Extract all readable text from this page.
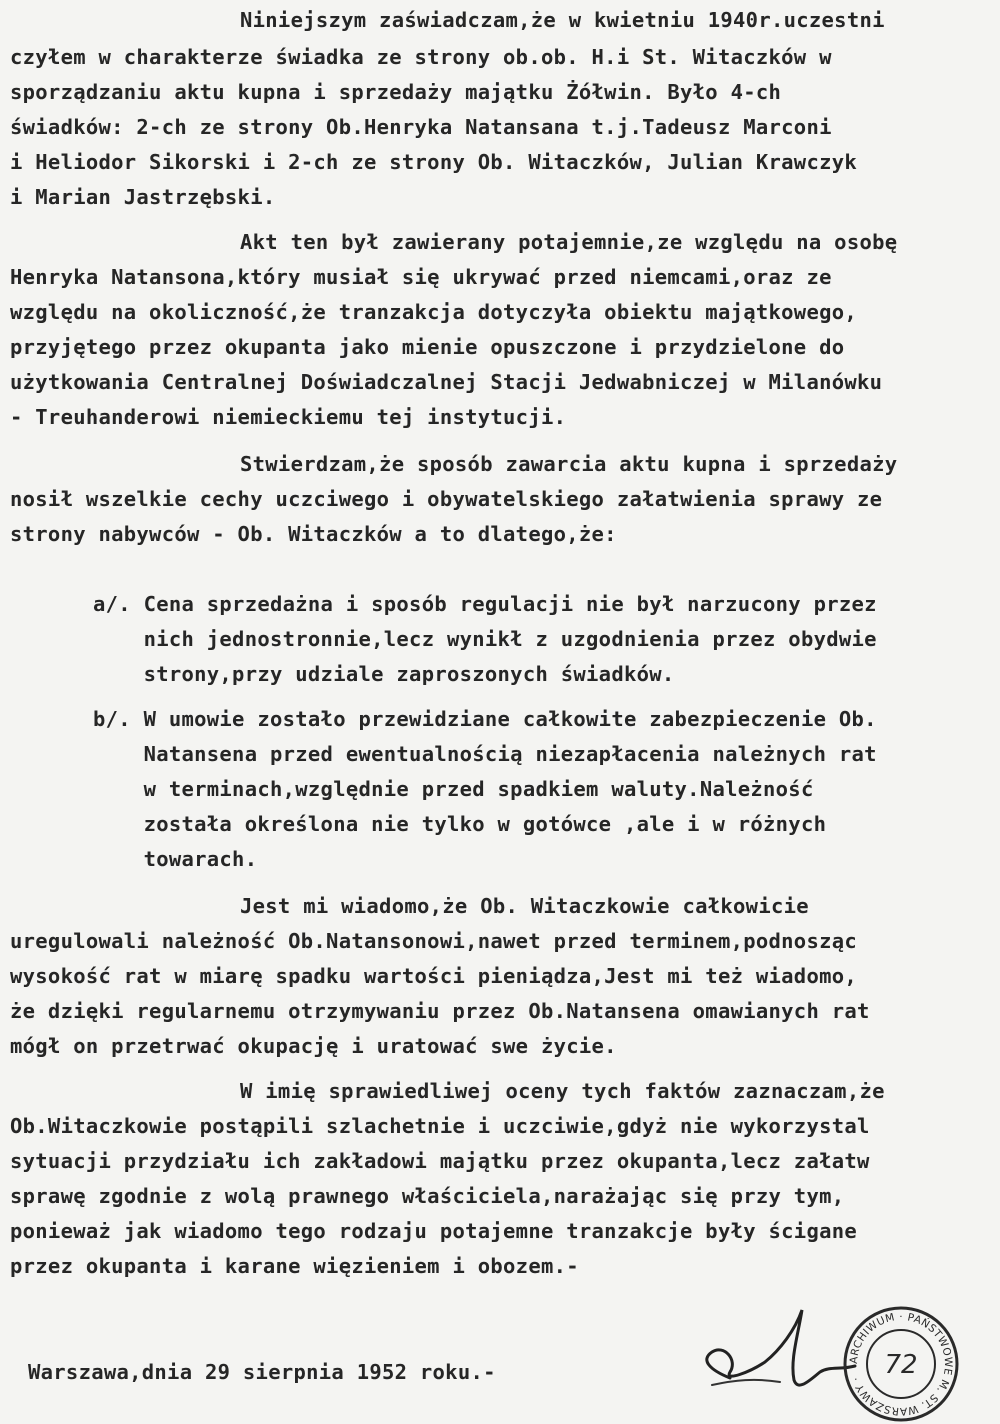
Niniejszym zaświadczam,że w kwietniu 1940r.uczestni
czyłem w charakterze świadka ze strony ob.ob. H.i St. Witaczków w
sporządzaniu aktu kupna i sprzedaży majątku Żółwin. Było 4-ch
świadków: 2-ch ze strony Ob.Henryka Natansana t.j.Tadeusz Marconi
i Heliodor Sikorski i 2-ch ze strony Ob. Witaczków, Julian Krawczyk
i Marian Jastrzębski.
Akt ten był zawierany potajemnie,ze względu na osobę
Henryka Natansona,który musiał się ukrywać przed niemcami,oraz ze
względu na okoliczność,że tranzakcja dotyczyła obiektu majątkowego,
przyjętego przez okupanta jako mienie opuszczone i przydzielone do
użytkowania Centralnej Doświadczalnej Stacji Jedwabniczej w Milanówku
- Treuhanderowi niemieckiemu tej instytucji.
Stwierdzam,że sposób zawarcia aktu kupna i sprzedaży
nosił wszelkie cechy uczciwego i obywatelskiego załatwienia sprawy ze
strony nabywców - Ob. Witaczków a to dlatego,że:
a/. Cena sprzedażna i sposób regulacji nie był narzucony przez
nich jednostronnie,lecz wynikł z uzgodnienia przez obydwie
strony,przy udziale zaproszonych świadków.
b/. W umowie zostało przewidziane całkowite zabezpieczenie Ob.
Natansena przed ewentualnością niezapłacenia należnych rat
w terminach,względnie przed spadkiem waluty.Należność
została określona nie tylko w gotówce ,ale i w różnych
towarach.
Jest mi wiadomo,że Ob. Witaczkowie całkowicie
uregulowali należność Ob.Natansonowi,nawet przed terminem,podnosząc
wysokość rat w miarę spadku wartości pieniądza,Jest mi też wiadomo,
że dzięki regularnemu otrzymywaniu przez Ob.Natansena omawianych rat
mógł on przetrwać okupację i uratować swe życie.
W imię sprawiedliwej oceny tych faktów zaznaczam,że
Ob.Witaczkowie postąpili szlachetnie i uczciwie,gdyż nie wykorzystal
sytuacji przydziału ich zakładowi majątku przez okupanta,lecz załatw
sprawę zgodnie z wolą prawnego właściciela,narażając się przy tym,
ponieważ jak wiadomo tego rodzaju potajemne tranzakcje były ścigane
przez okupanta i karane więzieniem i obozem.-
Warszawa,dnia 29 sierpnia 1952 roku.-
ARCHIWUM · PAŃSTWOWE M. ST. WARSZAWY · 72
